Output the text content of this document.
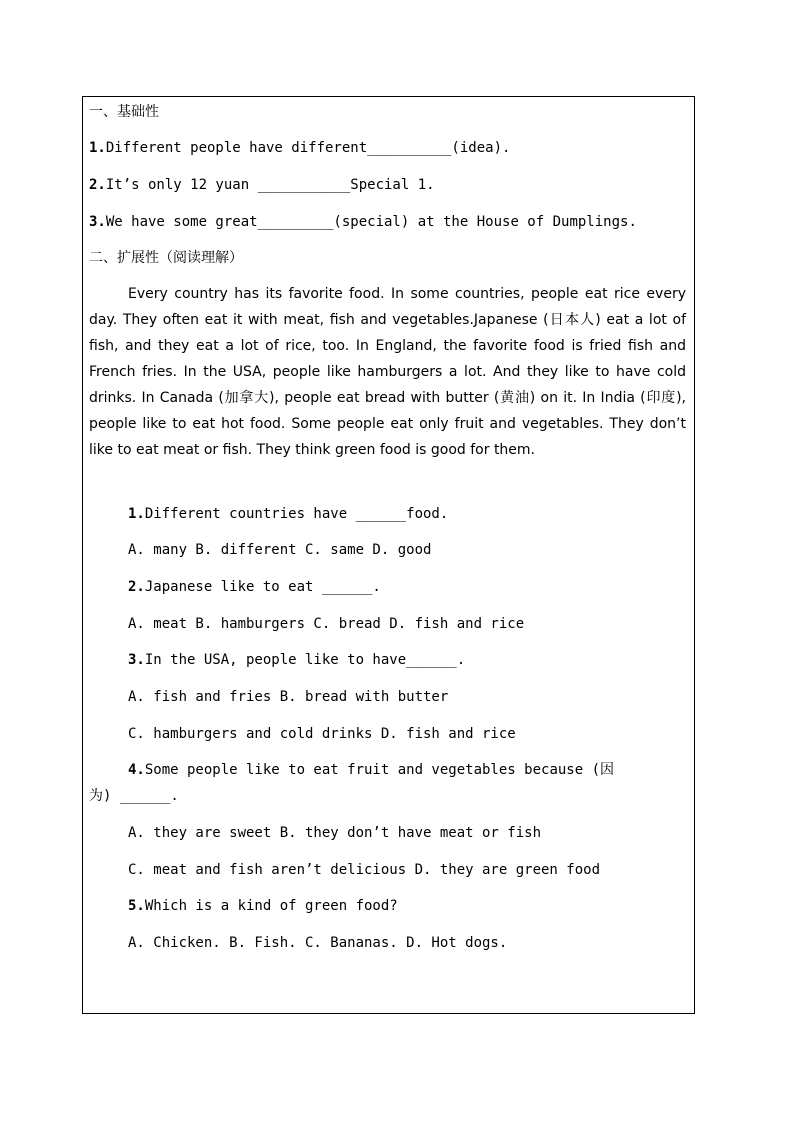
一、基础性
1.Different people have different__________(idea).
2.It’s only 12 yuan ___________Special 1.
3.We have some great_________(special) at the House of Dumplings.
二、扩展性（阅读理解）

Every country has its favorite food. In some countries, people eat rice every day. They often eat it with meat, fish and vegetables.Japanese (日本人) eat a lot of fish, and they eat a lot of rice, too. In England, the favorite food is fried fish and French fries. In the USA, people like hamburgers a lot. And they like to have cold drinks. In Canada (加拿大), people eat bread with butter (黄油) on it. In India (印度), people like to eat hot food. Some people eat only fruit and vegetables. They don’t like to eat meat or fish. They think green food is good for them.

1.Different countries have ______food.
A. many B. different C. same D. good
2.Japanese like to eat ______.
A. meat B. hamburgers C. bread D. fish and rice
3.In the USA, people like to have______.
A. fish and fries B. bread with butter
C. hamburgers and cold drinks D. fish and rice
4.Some people like to eat fruit and vegetables because (因
为) ______.
A. they are sweet B. they don’t have meat or fish
C. meat and fish aren’t delicious D. they are green food
5.Which is a kind of green food?
A. Chicken. B. Fish. C. Bananas. D. Hot dogs.
